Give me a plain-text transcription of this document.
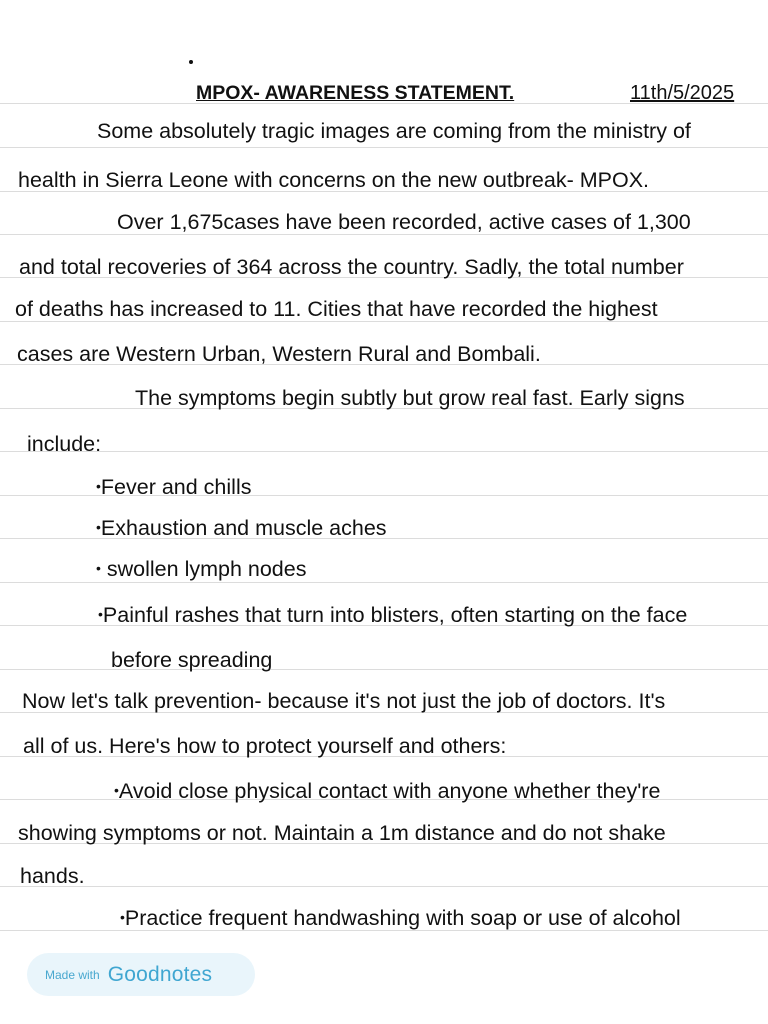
MPOX- AWARENESS STATEMENT.	11th/5/2025
Some absolutely tragic images are coming from the ministry of
health in Sierra Leone with concerns on the new outbreak- MPOX.
Over 1,675cases have been recorded, active cases of 1,300
and total recoveries of 364 across the country. Sadly, the total number
of deaths has increased to 11. Cities that have recorded the highest
cases are Western Urban, Western Rural and Bombali.
The symptoms begin subtly but grow real fast. Early signs
include:
•Fever and chills
•Exhaustion and muscle aches
• swollen lymph nodes
•Painful rashes that turn into blisters, often starting on the face
before spreading
Now let's talk prevention- because it's not just the job of doctors. It's
all of us. Here's how to protect yourself and others:
•Avoid close physical contact with anyone whether they're
showing symptoms or not. Maintain a 1m distance and do not shake
hands.
•Practice frequent handwashing with soap or use of alcohol
Made with Goodnotes
